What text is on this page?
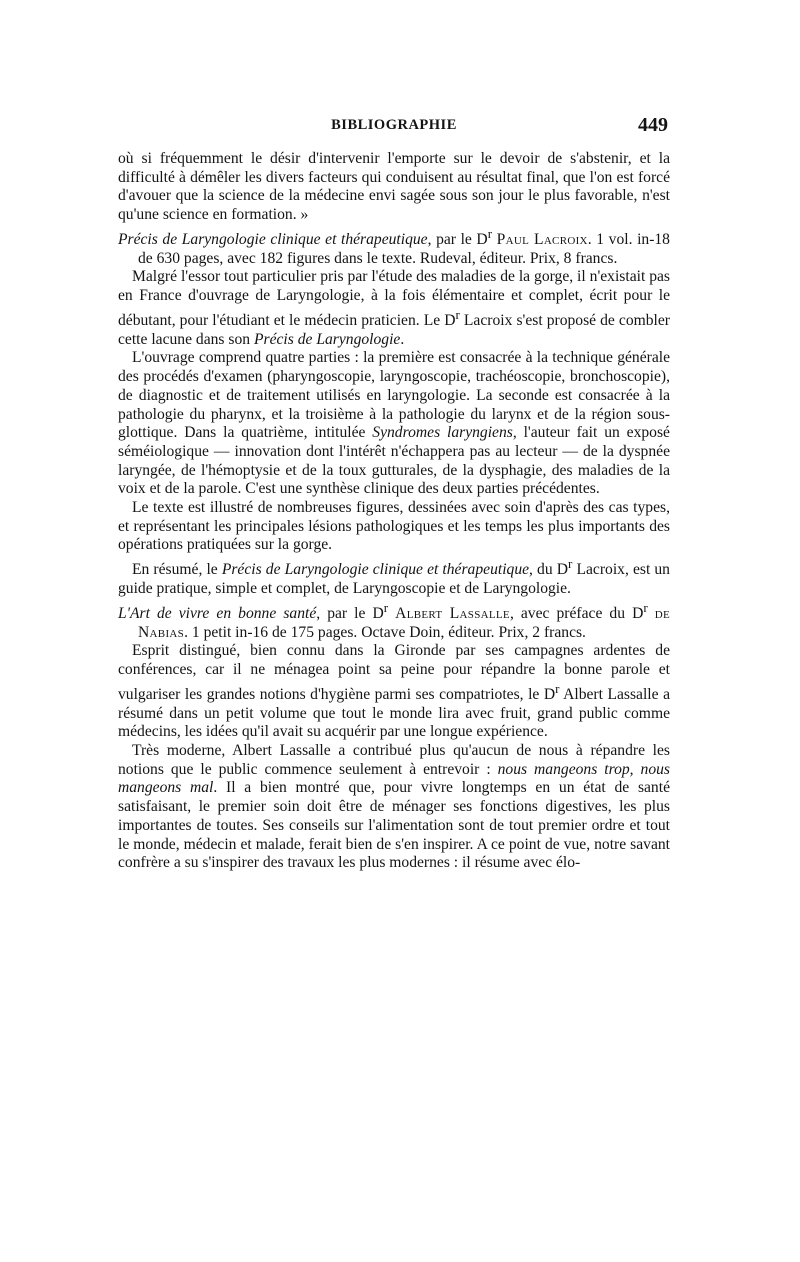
BIBLIOGRAPHIE	449

où si fréquemment le désir d'intervenir l'emporte sur le devoir de s'abstenir, et la difficulté à démêler les divers facteurs qui conduisent au résultat final, que l'on est forcé d'avouer que la science de la médecine envi sagée sous son jour le plus favorable, n'est qu'une science en formation. »

Précis de Laryngologie clinique et thérapeutique, par le $D^r$ Paul Lacroix. 1 vol. in-18 de 630 pages, avec 182 figures dans le texte. Rudeval, éditeur. Prix, 8 francs.

Malgré l'essor tout particulier pris par l'étude des maladies de la gorge, il n'existait pas en France d'ouvrage de Laryngologie, à la fois élémentaire et complet, écrit pour le débutant, pour l'étudiant et le médecin praticien. Le $D^r$ Lacroix s'est proposé de combler cette lacune dans son Précis de Laryngologie.

L'ouvrage comprend quatre parties : la première est consacrée à la technique générale des procédés d'examen (pharyngoscopie, laryngoscopie, trachéoscopie, bronchoscopie), de diagnostic et de traitement utilisés en laryngologie. La seconde est consacrée à la pathologie du pharynx, et la troisième à la pathologie du larynx et de la région sous-glottique. Dans la quatrième, intitulée Syndromes laryngiens, l'auteur fait un exposé séméiologique — innovation dont l'intérêt n'échappera pas au lecteur — de la dyspnée laryngée, de l'hémoptysie et de la toux gutturales, de la dysphagie, des maladies de la voix et de la parole. C'est une synthèse clinique des deux parties précédentes.

Le texte est illustré de nombreuses figures, dessinées avec soin d'après des cas types, et représentant les principales lésions pathologiques et les temps les plus importants des opérations pratiquées sur la gorge.

En résumé, le Précis de Laryngologie clinique et thérapeutique, du $D^r$ Lacroix, est un guide pratique, simple et complet, de Laryngoscopie et de Laryngologie.

L'Art de vivre en bonne santé, par le $D^r$ Albert Lassalle, avec préface du $D^r$ de Nabias. 1 petit in-16 de 175 pages. Octave Doin, éditeur. Prix, 2 francs.

Esprit distingué, bien connu dans la Gironde par ses campagnes ardentes de conférences, car il ne ménagea point sa peine pour répandre la bonne parole et vulgariser les grandes notions d'hygiène parmi ses compatriotes, le $D^r$ Albert Lassalle a résumé dans un petit volume que tout le monde lira avec fruit, grand public comme médecins, les idées qu'il avait su acquérir par une longue expérience.

Très moderne, Albert Lassalle a contribué plus qu'aucun de nous à répandre les notions que le public commence seulement à entrevoir : nous mangeons trop, nous mangeons mal. Il a bien montré que, pour vivre longtemps en un état de santé satisfaisant, le premier soin doit être de ménager ses fonctions digestives, les plus importantes de toutes. Ses conseils sur l'alimentation sont de tout premier ordre et tout le monde, médecin et malade, ferait bien de s'en inspirer. A ce point de vue, notre savant confrère a su s'inspirer des travaux les plus modernes : il résume avec élo-
